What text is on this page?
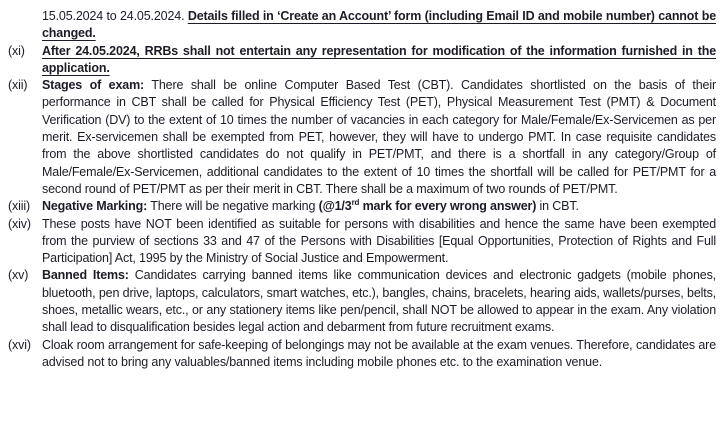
15.05.2024 to 24.05.2024. Details filled in ‘Create an Account’ form (including Email ID and mobile number) cannot be changed.
(xi)	After 24.05.2024, RRBs shall not entertain any representation for modification of the information furnished in the application.
(xii)	Stages of exam: There shall be online Computer Based Test (CBT). Candidates shortlisted on the basis of their performance in CBT shall be called for Physical Efficiency Test (PET), Physical Measurement Test (PMT) & Document Verification (DV) to the extent of 10 times the number of vacancies in each category for Male/Female/Ex-Servicemen as per merit. Ex-servicemen shall be exempted from PET, however, they will have to undergo PMT. In case requisite candidates from the above shortlisted candidates do not qualify in PET/PMT, and there is a shortfall in any category/Group of Male/Female/Ex-Servicemen, additional candidates to the extent of 10 times the shortfall will be called for PET/PMT for a second round of PET/PMT as per their merit in CBT. There shall be a maximum of two rounds of PET/PMT.
(xiii) Negative Marking: There will be negative marking (@1/3rd mark for every wrong answer) in CBT.
(xiv) These posts have NOT been identified as suitable for persons with disabilities and hence the same have been exempted from the purview of sections 33 and 47 of the Persons with Disabilities [Equal Opportunities, Protection of Rights and Full Participation] Act, 1995 by the Ministry of Social Justice and Empowerment.
(xv)	Banned Items: Candidates carrying banned items like communication devices and electronic gadgets (mobile phones, bluetooth, pen drive, laptops, calculators, smart watches, etc.), bangles, chains, bracelets, hearing aids, wallets/purses, belts, shoes, metallic wears, etc., or any stationery items like pen/pencil, shall NOT be allowed to appear in the exam. Any violation shall lead to disqualification besides legal action and debarment from future recruitment exams.
(xvi) Cloak room arrangement for safe-keeping of belongings may not be available at the exam venues. Therefore, candidates are advised not to bring any valuables/banned items including mobile phones etc. to the examination venue.
